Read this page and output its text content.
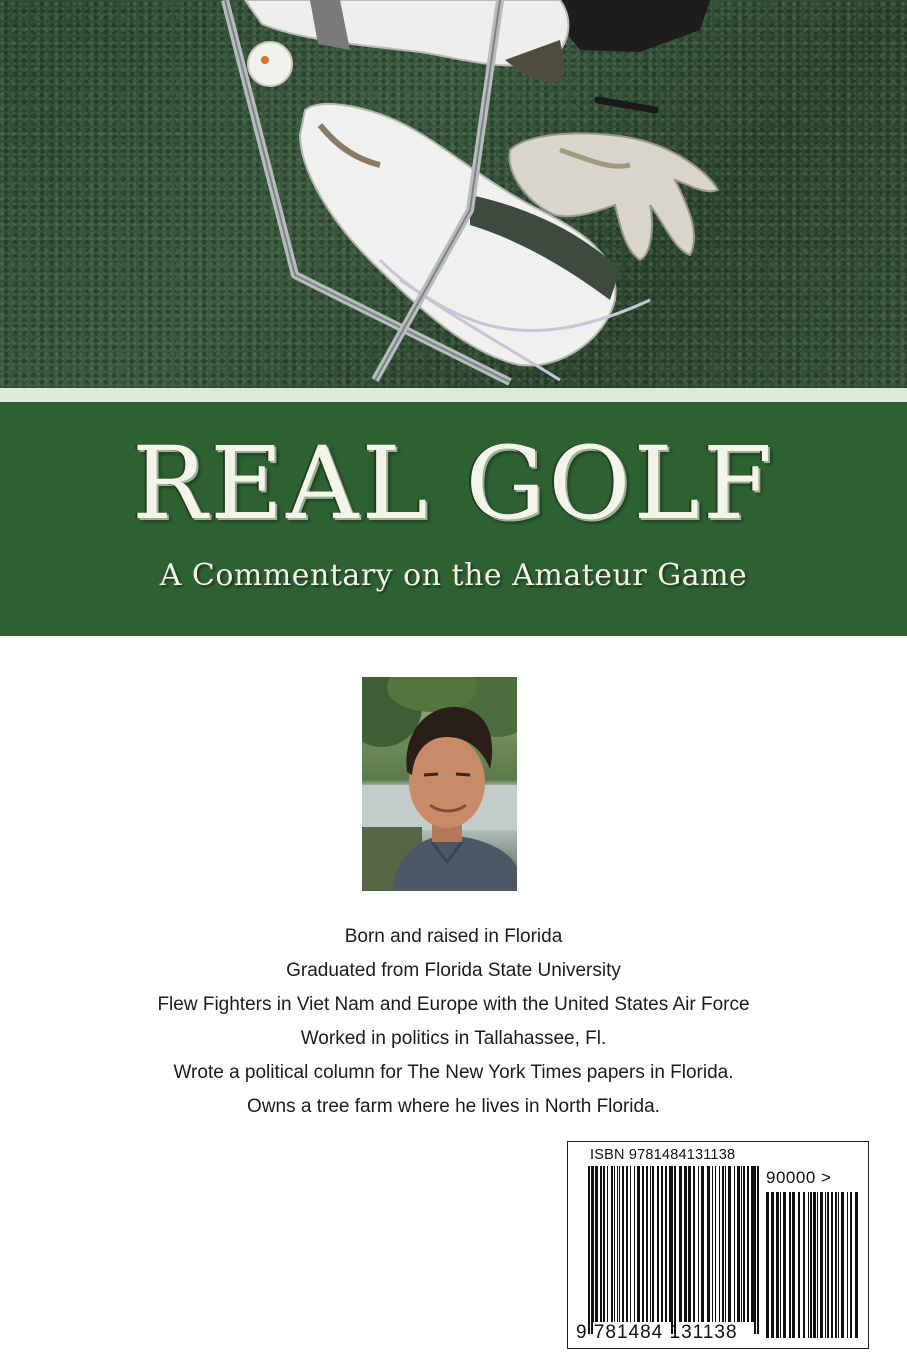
REAL GOLF
A Commentary on the Amateur Game
Born and raised in Florida
Graduated from Florida State University
Flew Fighters in Viet Nam and Europe with the United States Air Force
Worked in politics in Tallahassee, Fl.
Wrote a political column for The New York Times papers in Florida.
Owns a tree farm where he lives in North Florida.
ISBN 9781484131138
90000 >
9 781484 131138
